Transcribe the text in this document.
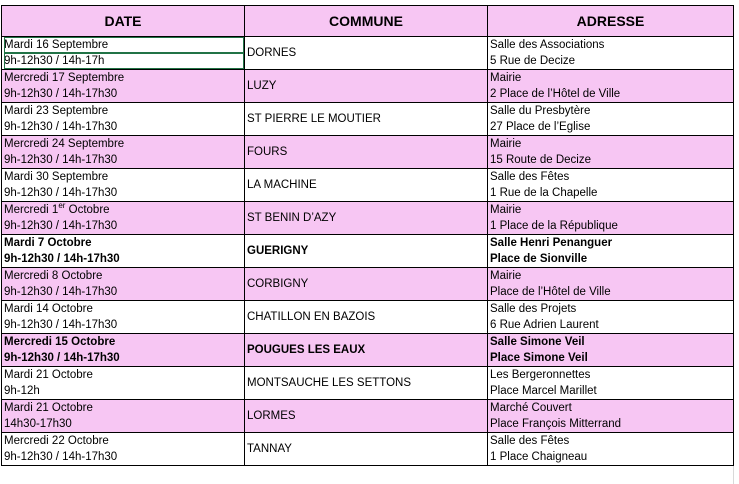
DATE	COMMUNE	ADRESSE

Mardi 16 Septembre
9h-12h30 / 14h-17h	DORNES	Salle des Associations
5 Rue de Decize

Mercredi 17 Septembre
9h-12h30 / 14h-17h30	LUZY	Mairie
2 Place de l’Hôtel de Ville

Mardi 23 Septembre
9h-12h30 / 14h-17h30	ST PIERRE LE MOUTIER	Salle du Presbytère
27 Place de l’Eglise

Mercredi 24 Septembre
9h-12h30 / 14h-17h30	FOURS	Mairie
15 Route de Decize

Mardi 30 Septembre
9h-12h30 / 14h-17h30	LA MACHINE	Salle des Fêtes
1 Rue de la Chapelle

Mercredi 1er Octobre
9h-12h30 / 14h-17h30	ST BENIN D’AZY	Mairie
1 Place de la République

Mardi 7 Octobre
9h-12h30 / 14h-17h30	GUERIGNY	Salle Henri Penanguer
Place de Sionville

Mercredi 8 Octobre
9h-12h30 / 14h-17h30	CORBIGNY	Mairie
Place de l’Hôtel de Ville

Mardi 14 Octobre
9h-12h30 / 14h-17h30	CHATILLON EN BAZOIS	Salle des Projets
6 Rue Adrien Laurent

Mercredi 15 Octobre
9h-12h30 / 14h-17h30	POUGUES LES EAUX	Salle Simone Veil
Place Simone Veil

Mardi 21 Octobre
9h-12h	MONTSAUCHE LES SETTONS	Les Bergeronnettes
Place Marcel Marillet

Mardi 21 Octobre
14h30-17h30	LORMES	Marché Couvert
Place François Mitterrand

Mercredi 22 Octobre
9h-12h30 / 14h-17h30	TANNAY	Salle des Fêtes
1 Place Chaigneau
